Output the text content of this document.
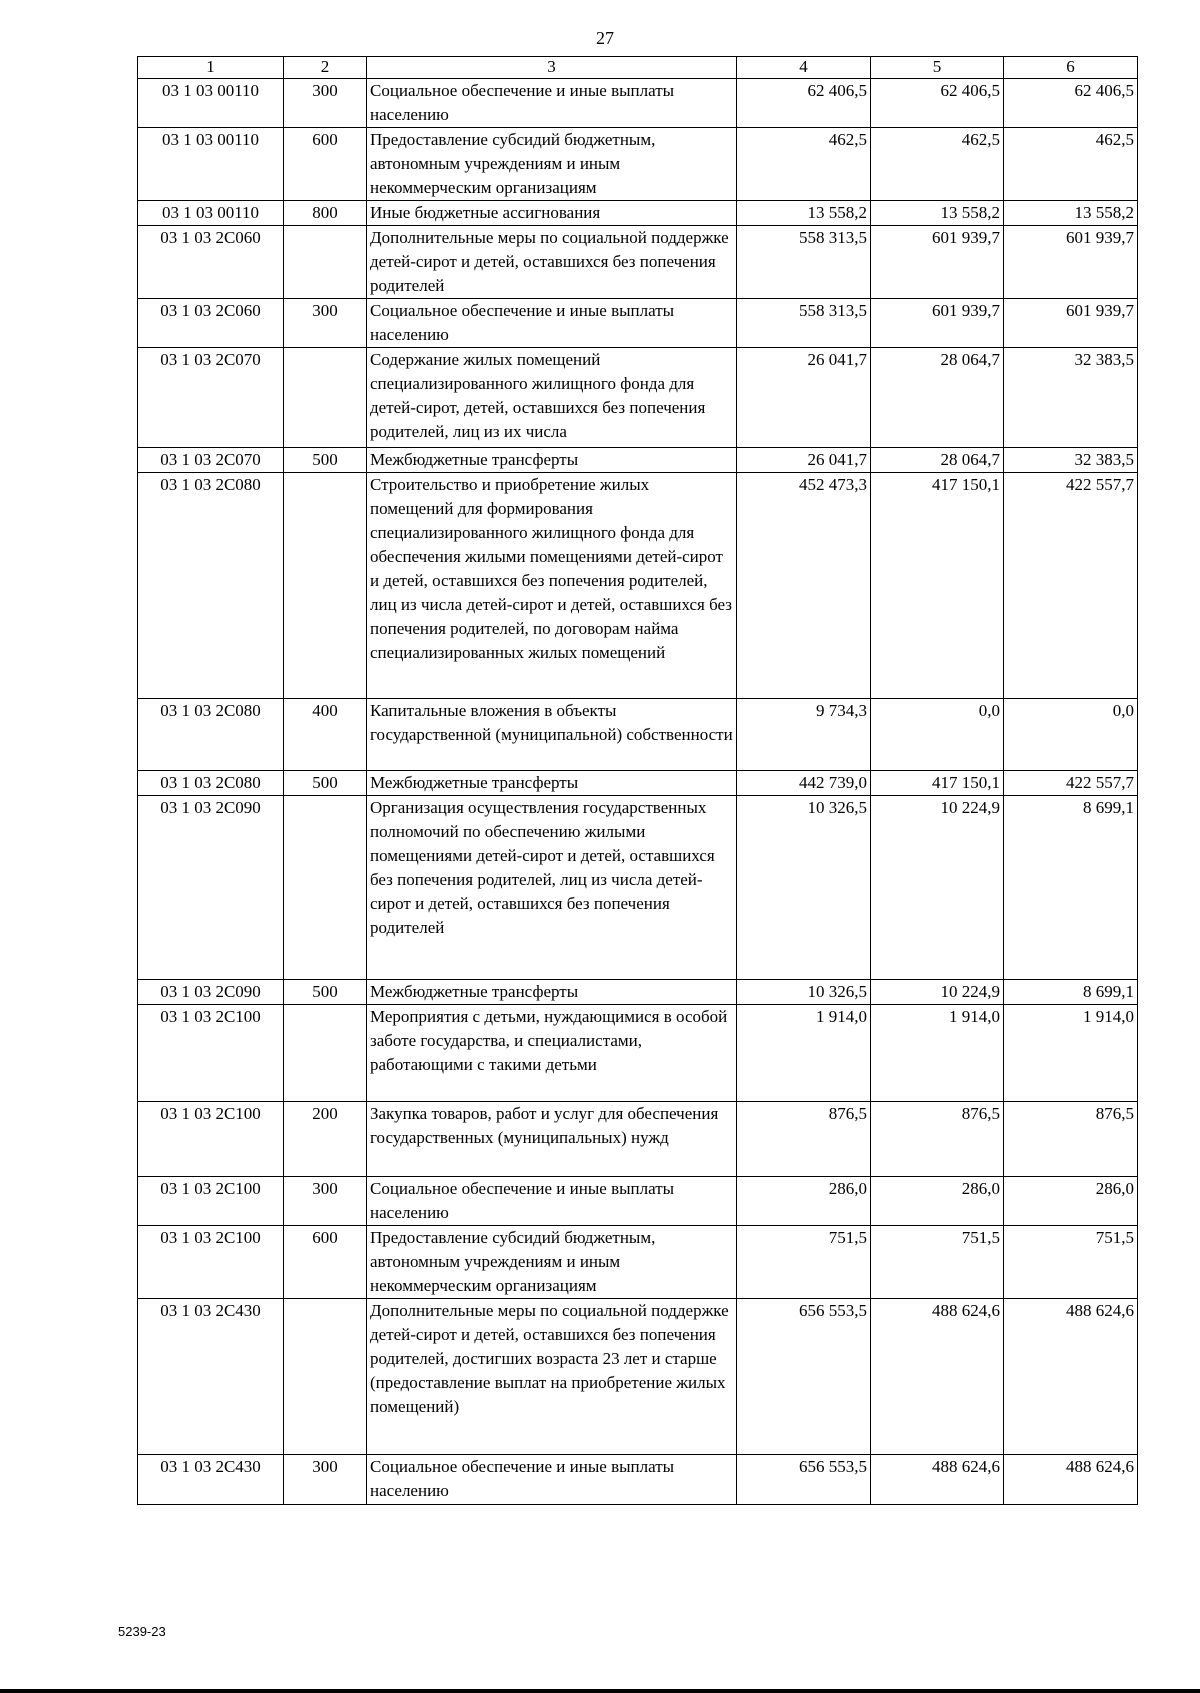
27
1	2	3	4	5	6
03 1 03 00110	300	Социальное обеспечение и иные выплаты населению	62 406,5	62 406,5	62 406,5
03 1 03 00110	600	Предоставление субсидий бюджетным, автономным учреждениям и иным некоммерческим организациям	462,5	462,5	462,5
03 1 03 00110	800	Иные бюджетные ассигнования	13 558,2	13 558,2	13 558,2
03 1 03 2С060		Дополнительные меры по социальной поддержке детей-сирот и детей, оставшихся без попечения родителей	558 313,5	601 939,7	601 939,7
03 1 03 2С060	300	Социальное обеспечение и иные выплаты населению	558 313,5	601 939,7	601 939,7
03 1 03 2С070		Содержание жилых помещений специализированного жилищного фонда для детей-сирот, детей, оставшихся без попечения родителей, лиц из их числа	26 041,7	28 064,7	32 383,5
03 1 03 2С070	500	Межбюджетные трансферты	26 041,7	28 064,7	32 383,5
03 1 03 2С080		Строительство и приобретение жилых помещений для формирования специализированного жилищного фонда для обеспечения жилыми помещениями детей-сирот и детей, оставшихся без попечения родителей, лиц из числа детей-сирот и детей, оставшихся без попечения родителей, по договорам найма специализированных жилых помещений	452 473,3	417 150,1	422 557,7
03 1 03 2С080	400	Капитальные вложения в объекты государственной (муниципальной) собственности	9 734,3	0,0	0,0
03 1 03 2С080	500	Межбюджетные трансферты	442 739,0	417 150,1	422 557,7
03 1 03 2С090		Организация осуществления государственных полномочий по обеспечению жилыми помещениями детей-сирот и детей, оставшихся без попечения родителей, лиц из числа детей-сирот и детей, оставшихся без попечения родителей	10 326,5	10 224,9	8 699,1
03 1 03 2С090	500	Межбюджетные трансферты	10 326,5	10 224,9	8 699,1
03 1 03 2С100		Мероприятия с детьми, нуждающимися в особой заботе государства, и специалистами, работающими с такими детьми	1 914,0	1 914,0	1 914,0
03 1 03 2С100	200	Закупка товаров, работ и услуг для обеспечения государственных (муниципальных) нужд	876,5	876,5	876,5
03 1 03 2С100	300	Социальное обеспечение и иные выплаты населению	286,0	286,0	286,0
03 1 03 2С100	600	Предоставление субсидий бюджетным, автономным учреждениям и иным некоммерческим организациям	751,5	751,5	751,5
03 1 03 2С430		Дополнительные меры по социальной поддержке детей-сирот и детей, оставшихся без попечения родителей, достигших возраста 23 лет и старше (предоставление выплат на приобретение жилых помещений)	656 553,5	488 624,6	488 624,6
03 1 03 2С430	300	Социальное обеспечение и иные выплаты населению	656 553,5	488 624,6	488 624,6
5239-23
